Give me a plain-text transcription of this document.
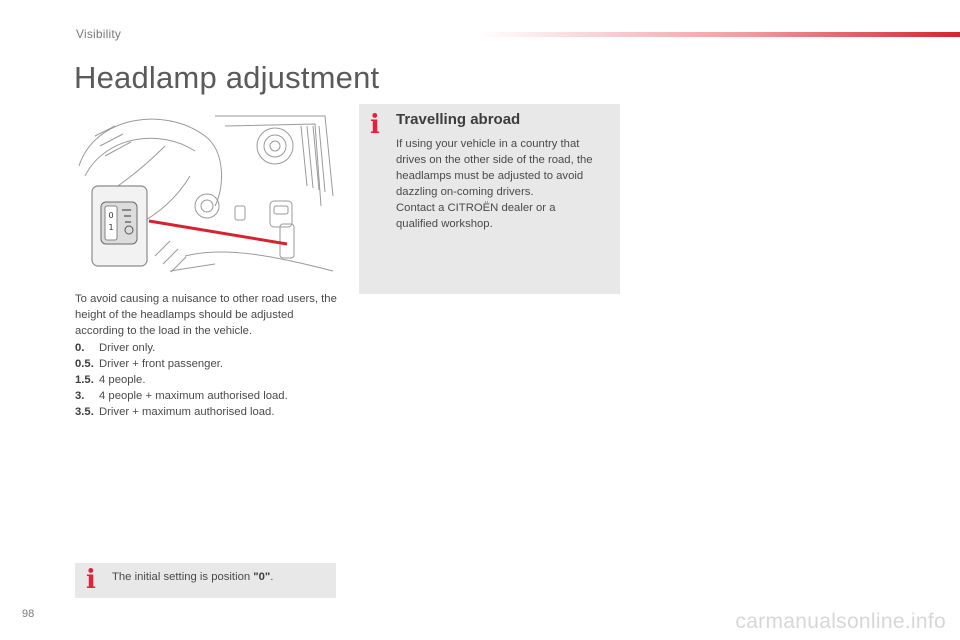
Visibility
Headlamp adjustment
0
1

To avoid causing a nuisance to other road users, the height of the headlamps should be adjusted according to the load in the vehicle.

0.	Driver only.
0.5. Driver + front passenger.
1.5. 4 people.
3.	4 people + maximum authorised load.
3.5. Driver + maximum authorised load.
i Travelling abroad

If using your vehicle in a country that
drives on the other side of the road, the
headlamps must be adjusted to avoid
dazzling on-coming drivers.
Contact a CITROËN dealer or a
qualified workshop.

i The initial setting is position "0".
98	carmanualsonline.info
